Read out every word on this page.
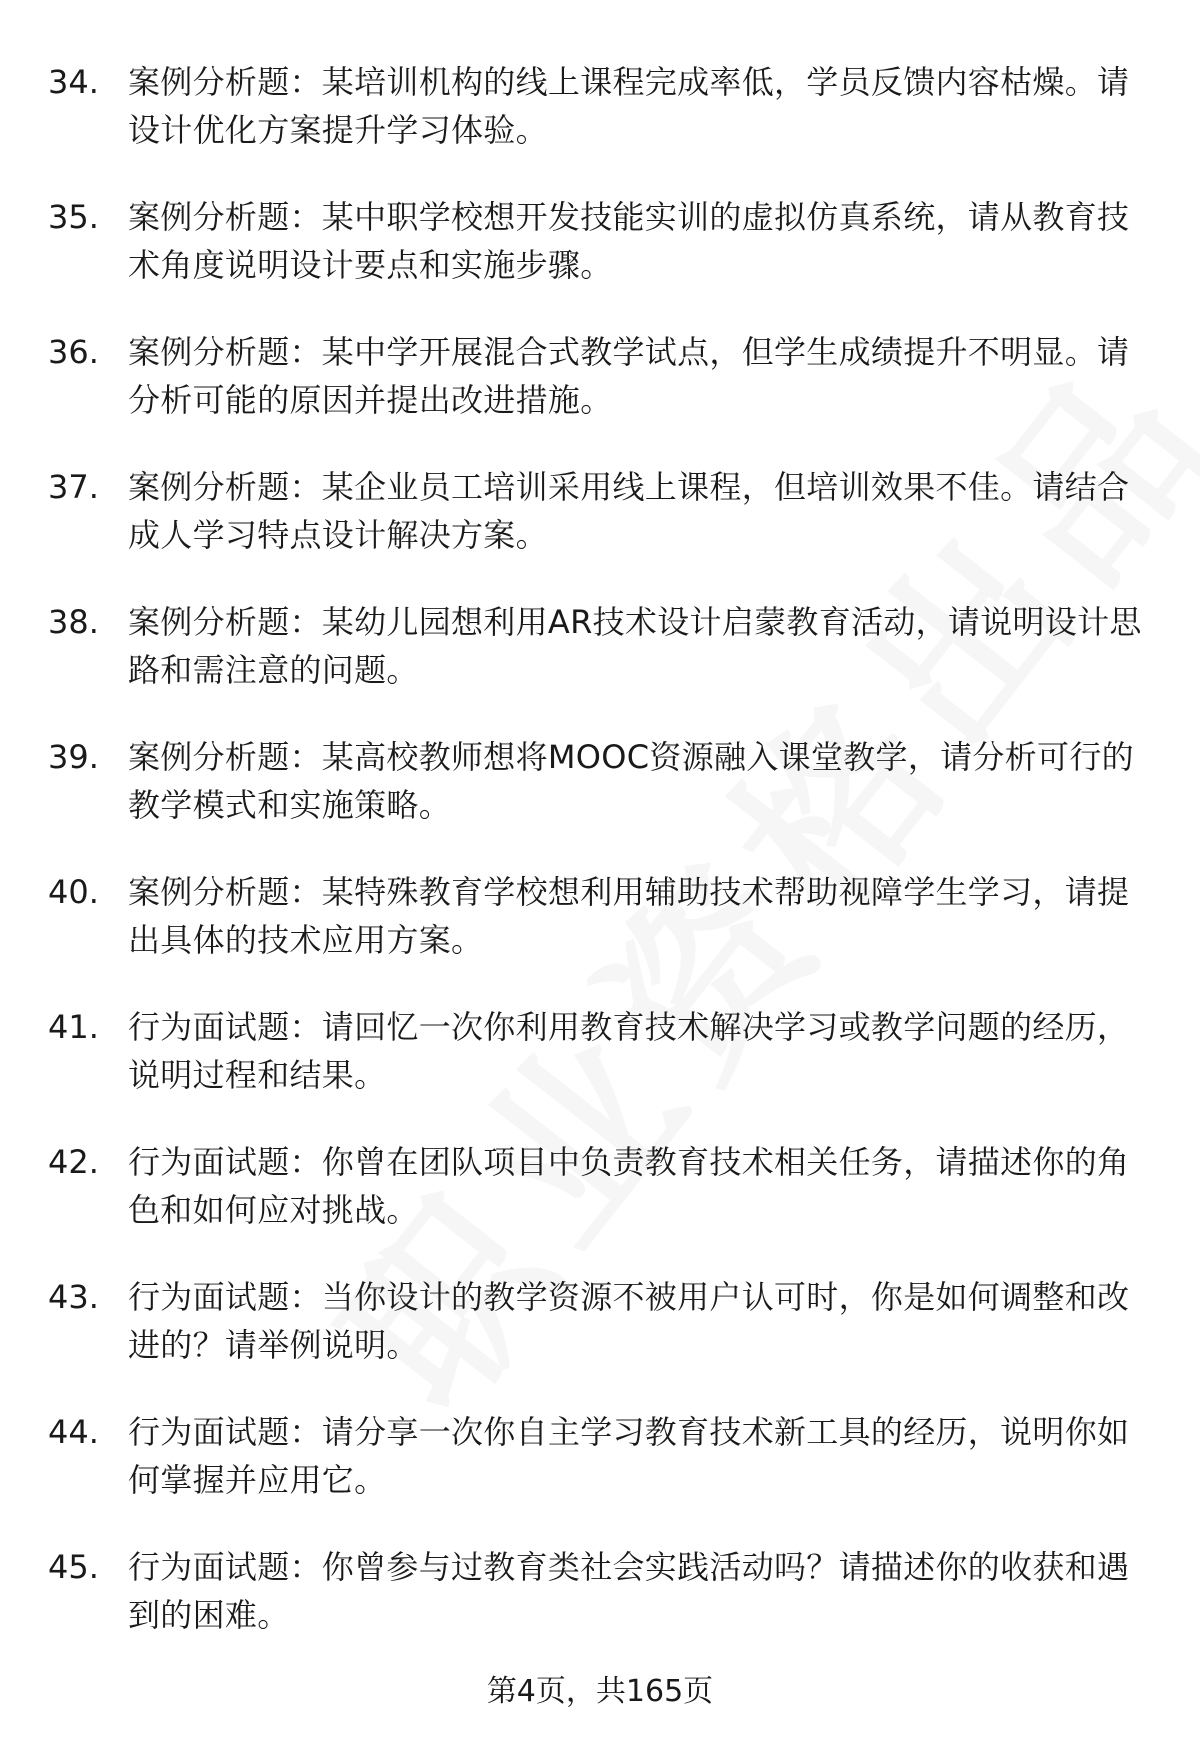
34. 案例分析题：某培训机构的线上课程完成率低，学员反馈内容枯燥。请设计优化方案提升学习体验。
35. 案例分析题：某中职学校想开发技能实训的虚拟仿真系统，请从教育技术角度说明设计要点和实施步骤。
36. 案例分析题：某中学开展混合式教学试点，但学生成绩提升不明显。请分析可能的原因并提出改进措施。
37. 案例分析题：某企业员工培训采用线上课程，但培训效果不佳。请结合成人学习特点设计解决方案。
38. 案例分析题：某幼儿园想利用AR技术设计启蒙教育活动，请说明设计思路和需注意的问题。
39. 案例分析题：某高校教师想将MOOC资源融入课堂教学，请分析可行的教学模式和实施策略。
40. 案例分析题：某特殊教育学校想利用辅助技术帮助视障学生学习，请提出具体的技术应用方案。
41. 行为面试题：请回忆一次你利用教育技术解决学习或教学问题的经历，说明过程和结果。
42. 行为面试题：你曾在团队项目中负责教育技术相关任务，请描述你的角色和如何应对挑战。
43. 行为面试题：当你设计的教学资源不被用户认可时，你是如何调整和改进的？请举例说明。
44. 行为面试题：请分享一次你自主学习教育技术新工具的经历，说明你如何掌握并应用它。
45. 行为面试题：你曾参与过教育类社会实践活动吗？请描述你的收获和遇到的困难。
第4页，共165页
